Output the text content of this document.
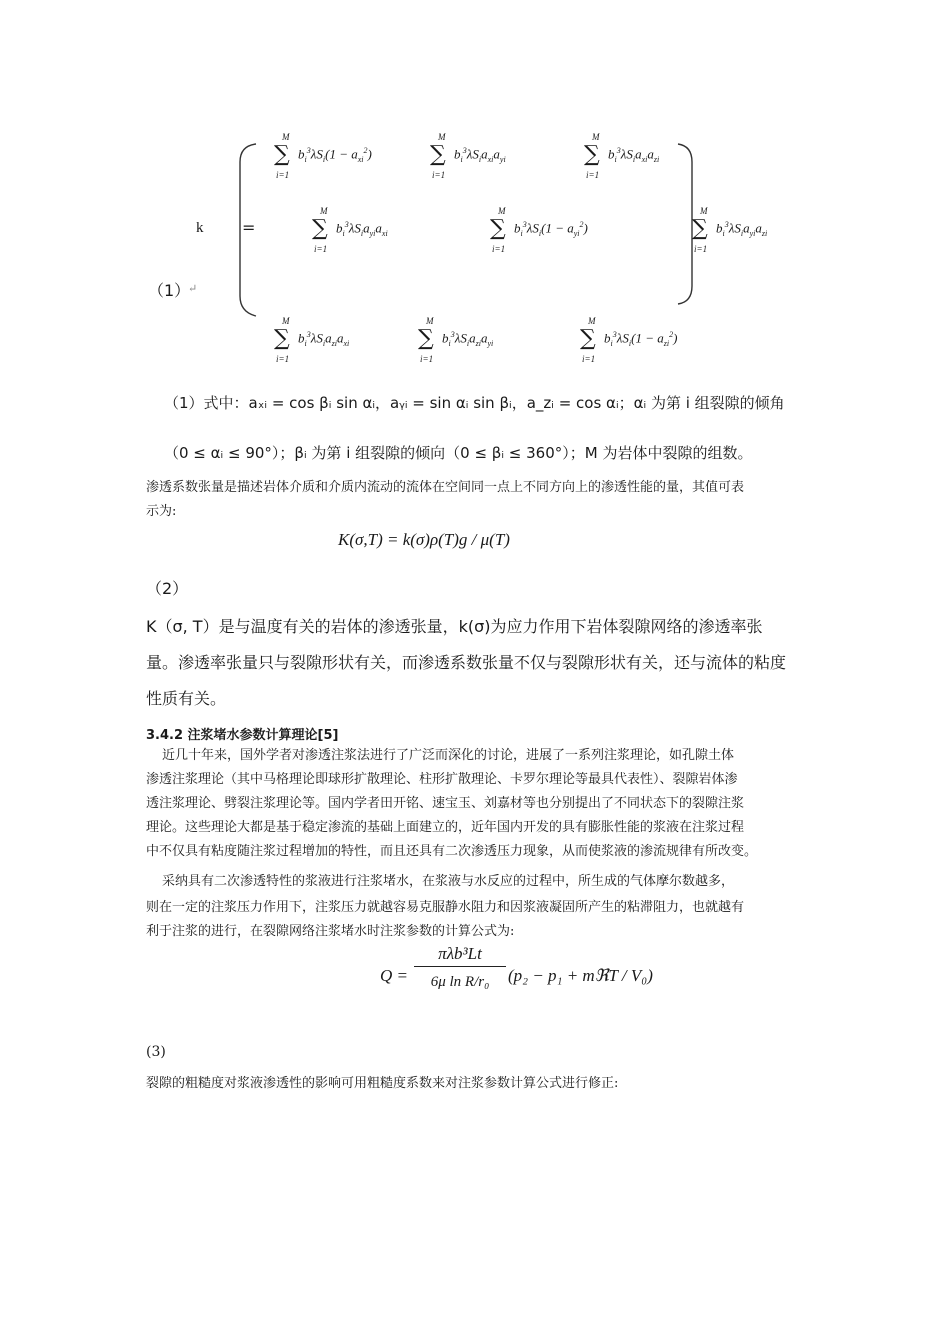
k =
（1）
↵
M
∑
i=1
$b_i^3\lambda S_i(1 - a_{xi}^2)$
M
∑
i=1
$b_i^3\lambda S_ia_{xi}a_{yi}$
M
∑
i=1
$b_i^3\lambda S_ia_{xi}a_{zi}$
M
∑
i=1
$b_i^3\lambda S_ia_{yi}a_{xi}$
M
∑
i=1
$b_i^3\lambda S_i(1 - a_{yi}^2)$
M
∑
i=1
$b_i^3\lambda S_ia_{yi}a_{zi}$
M
∑
i=1
$b_i^3\lambda S_ia_{zi}a_{xi}$
M
∑
i=1
$b_i^3\lambda S_ia_{zi}a_{yi}$
M
∑
i=1
$b_i^3\lambda S_i(1 - a_{zi}^2)$
（1）式中：aₓᵢ = cos βᵢ sin αᵢ，aᵧᵢ = sin αᵢ sin βᵢ，a_zᵢ = cos αᵢ；αᵢ 为第 i 组裂隙的倾角
（0 ≤ αᵢ ≤ 90°）；βᵢ 为第 i 组裂隙的倾向（0 ≤ βᵢ ≤ 360°）；M 为岩体中裂隙的组数。
渗透系数张量是描述岩体介质和介质内流动的流体在空间同一点上不同方向上的渗透性能的量，其值可表
示为:
K(σ,T) = k(σ)ρ(T)g / μ(T)
（2）
K（σ, T）是与温度有关的岩体的渗透张量，k(σ)为应力作用下岩体裂隙网络的渗透率张
量。渗透率张量只与裂隙形状有关，而渗透系数张量不仅与裂隙形状有关，还与流体的粘度
性质有关。
3.4.2 注浆堵水参数计算理论[5]
近几十年来，国外学者对渗透注浆法进行了广泛而深化的讨论，进展了一系列注浆理论，如孔隙土体
渗透注浆理论（其中马格理论即球形扩散理论、柱形扩散理论、卡罗尔理论等最具代表性）、裂隙岩体渗
透注浆理论、劈裂注浆理论等。国内学者田开铭、速宝玉、刘嘉材等也分别提出了不同状态下的裂隙注浆
理论。这些理论大都是基于稳定渗流的基础上面建立的，近年国内开发的具有膨胀性能的浆液在注浆过程
中不仅具有粘度随注浆过程增加的特性，而且还具有二次渗透压力现象，从而使浆液的渗流规律有所改变。
采纳具有二次渗透特性的浆液进行注浆堵水，在浆液与水反应的过程中，所生成的气体摩尔数越多，
则在一定的注浆压力作用下，注浆压力就越容易克服静水阻力和因浆液凝固所产生的粘滞阻力，也就越有
利于注浆的进行，在裂隙网络注浆堵水时注浆参数的计算公式为:
Q =
πλb³Lt
6μ ln R/r₀	(p₂ − p₁ + mℜT / V₀)
(3)
裂隙的粗糙度对浆液渗透性的影响可用粗糙度系数来对注浆参数计算公式进行修正:
